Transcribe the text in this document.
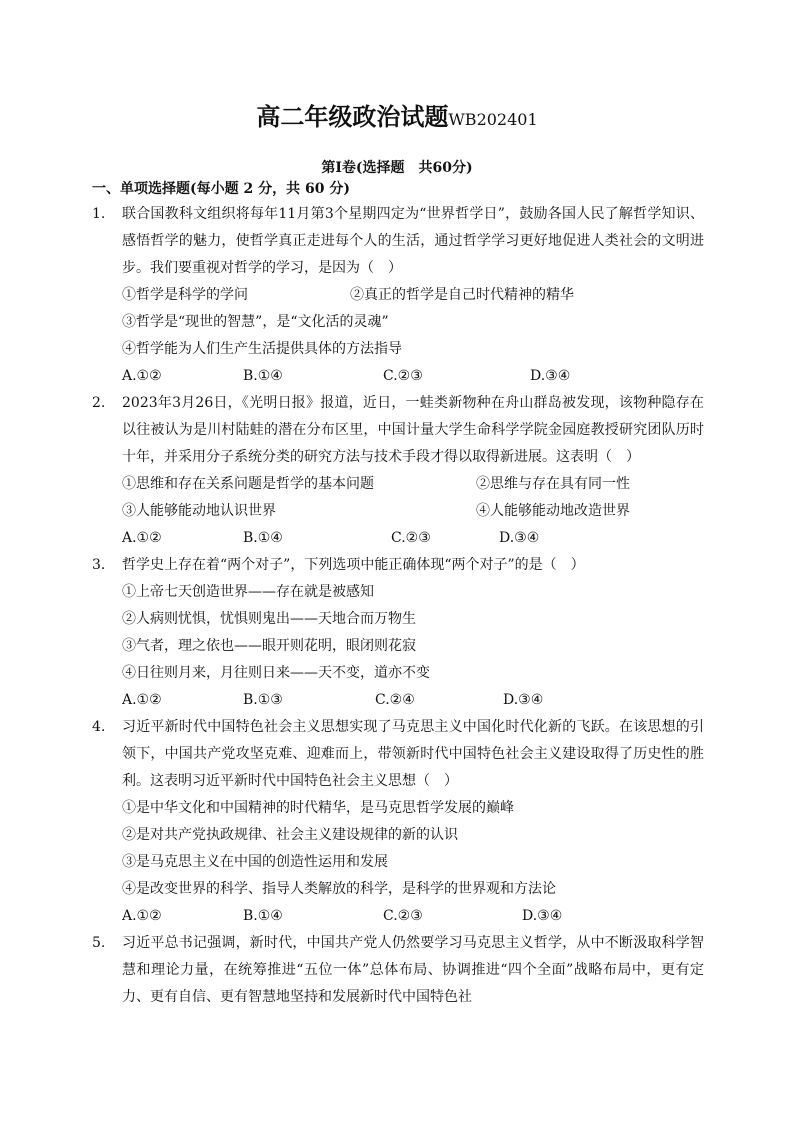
高二年级政治试题WB202401
第Ⅰ卷(选择题　共60分)
一、单项选择题(每小题 2 分，共 60 分)
1. 联合国教科文组织将每年11月第3个星期四定为“世界哲学日”，鼓励各国人民了解哲学知识、感悟哲学的魅力，使哲学真正走进每个人的生活，通过哲学学习更好地促进人类社会的文明进步。我们要重视对哲学的学习，是因为（　）
①哲学是科学的学问	②真正的哲学是自己时代精神的精华
③哲学是“现世的智慧”，是“文化活的灵魂”
④哲学能为人们生产生活提供具体的方法指导
A.①②	B.①④	C.②③	D.③④
2. 2023年3月26日，《光明日报》报道，近日，一蛙类新物种在舟山群岛被发现，该物种隐存在以往被认为是川村陆蛙的潜在分布区里，中国计量大学生命科学学院金园庭教授研究团队历时十年，并采用分子系统分类的研究方法与技术手段才得以取得新进展。这表明（　）
①思维和存在关系问题是哲学的基本问题	②思维与存在具有同一性
③人能够能动地认识世界	④人能够能动地改造世界
A.①②	B.①④	C.②③	D.③④
3. 哲学史上存在着“两个对子”，下列选项中能正确体现“两个对子”的是（　）
①上帝七天创造世界——存在就是被感知
②人病则忧惧，忧惧则鬼出——天地合而万物生
③气者，理之依也——眼开则花明，眼闭则花寂
④日往则月来，月往则日来——天不变，道亦不变
A.①②	B.①③	C.②④	D.③④
4. 习近平新时代中国特色社会主义思想实现了马克思主义中国化时代化新的飞跃。在该思想的引领下，中国共产党攻坚克难、迎难而上，带领新时代中国特色社会主义建设取得了历史性的胜利。这表明习近平新时代中国特色社会主义思想（　）
①是中华文化和中国精神的时代精华，是马克思哲学发展的巅峰
②是对共产党执政规律、社会主义建设规律的新的认识
③是马克思主义在中国的创造性运用和发展
④是改变世界的科学、指导人类解放的科学，是科学的世界观和方法论
A.①②	B.①④	C.②③	D.③④
5. 习近平总书记强调，新时代，中国共产党人仍然要学习马克思主义哲学，从中不断汲取科学智慧和理论力量，在统筹推进“五位一体”总体布局、协调推进“四个全面”战略布局中，更有定力、更有自信、更有智慧地坚持和发展新时代中国特色社
